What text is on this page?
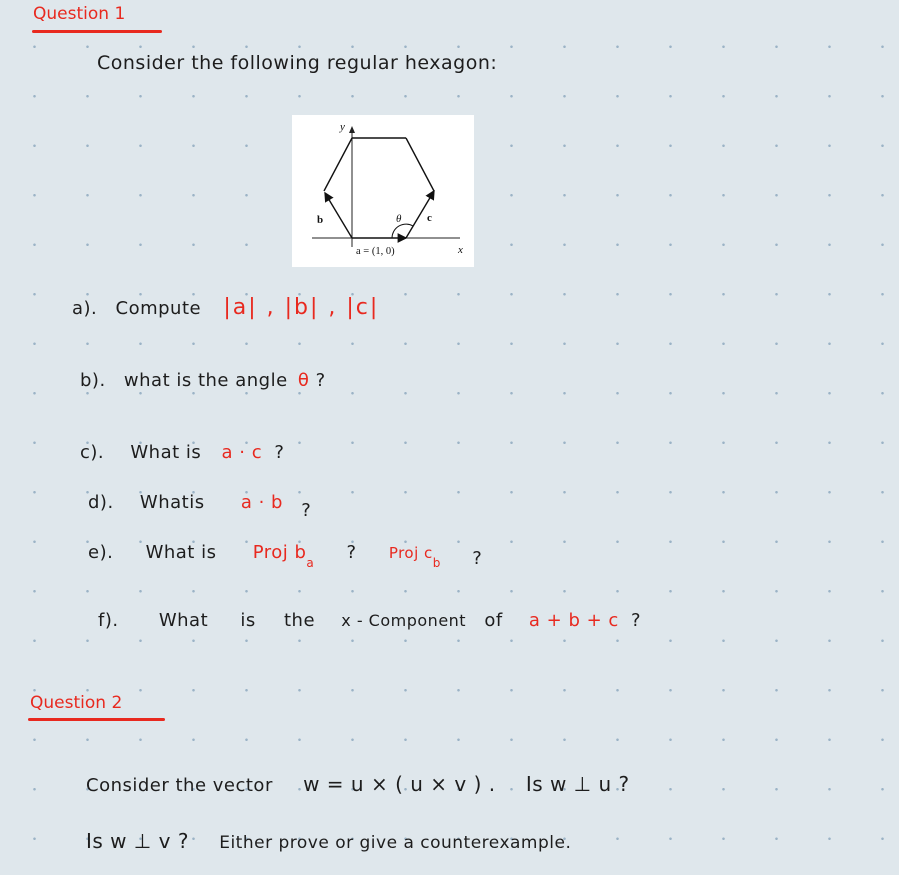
Question 1
Consider the following regular hexagon:
y
x
b	c
θ
a = (1, 0)
a). Compute |a| , |b| , |c|
b). what is the angle θ ?
c). What is a · c ?
d). Whatis a · b ?
e). What is Proj $b_a$ ? Proj $c_b$ ?
f). What is the x - Component of a + b + c ?
Question 2
Consider the vector w = u × ( u × v ) . Is w ⊥ u ?
Is w ⊥ v ? Either prove or give a counterexample.
